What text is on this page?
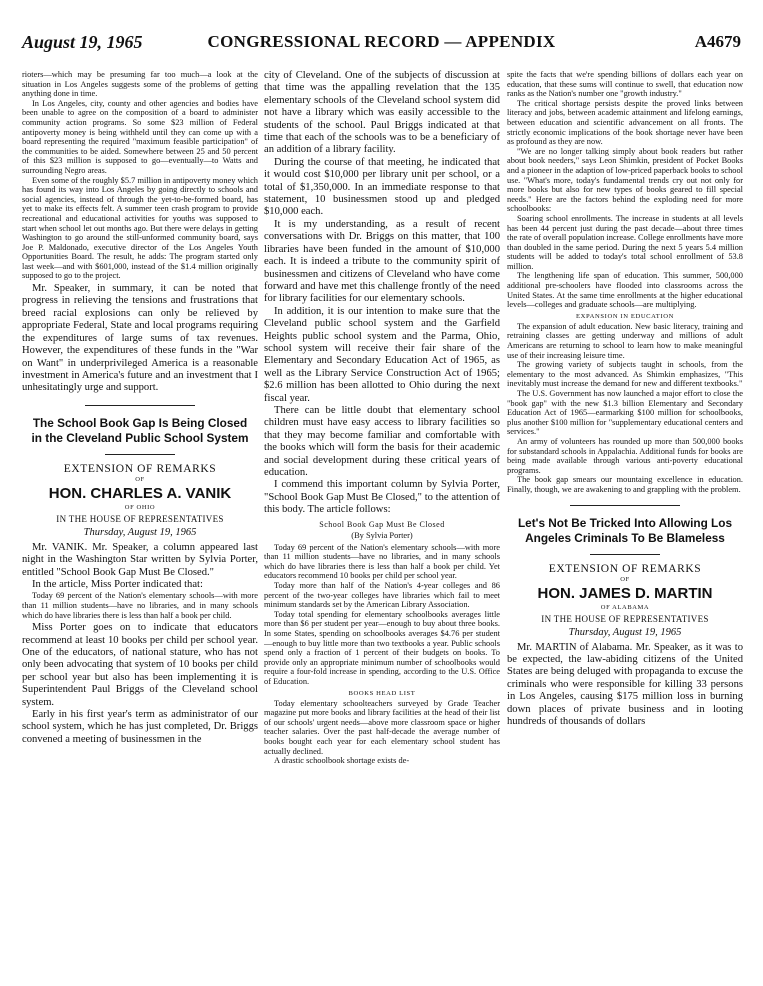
August 19, 1965	CONGRESSIONAL RECORD — APPENDIX	A4679

rioters—which may be presuming far too much—a look at the situation in Los Angeles suggests some of the problems of getting anything done in time.

In Los Angeles, city, county and other agencies and bodies have been unable to agree on the composition of a board to administer community action programs. So some $23 million of Federal antipoverty money is being withheld until they can come up with a board representing the required "maximum feasible participation" of the communities to be aided. Somewhere between 25 and 50 percent of this $23 million is supposed to go—eventually—to Watts and surrounding Negro areas.

Even some of the roughly $5.7 million in antipoverty money which has found its way into Los Angeles by going directly to schools and social agencies, instead of through the yet-to-be-formed board, has yet to make its effects felt. A summer teen crash program to provide recreational and educational activities for youths was supposed to start when school let out months ago. But there were delays in getting Washington to go around the still-unformed community board, says Joe P. Maldonado, executive director of the Los Angeles Youth Opportunities Board. The result, he adds: The program started only last week—and with $601,000, instead of the $1.4 million originally supposed to go to the project.

Mr. Speaker, in summary, it can be noted that progress in relieving the tensions and frustrations that breed racial explosions can only be relieved by appropriate Federal, State and local programs requiring the expenditures of large sums of tax revenues. However, the expenditures of these funds in the "War on Want" in underprivileged America is a reasonable investment in America's future and an investment that I unhesitatingly urge and support.

The School Book Gap Is Being Closed in the Cleveland Public School System
EXTENSION OF REMARKS
OF
HON. CHARLES A. VANIK
OF OHIO
IN THE HOUSE OF REPRESENTATIVES
Thursday, August 19, 1965

Mr. VANIK. Mr. Speaker, a column appeared last night in the Washington Star written by Sylvia Porter, entitled "School Book Gap Must Be Closed."

In the article, Miss Porter indicated that:

Today 69 percent of the Nation's elementary schools—with more than 11 million students—have no libraries, and in many schools which do have libraries there is less than half a book per child.

Miss Porter goes on to indicate that educators recommend at least 10 books per child per school year. One of the educators, of national stature, who has not only been advocating that system of 10 books per child per school year but also has been implementing it is Superintendent Paul Briggs of the Cleveland school system.

Early in his first year's term as administrator of our school system, which he has just completed, Dr. Briggs convened a meeting of businessmen in the

city of Cleveland. One of the subjects of discussion at that time was the appalling revelation that the 135 elementary schools of the Cleveland school system did not have a library which was easily accessible to the students of the school. Paul Briggs indicated at that time that each of the schools was to be a beneficiary of an addition of a library facility.

During the course of that meeting, he indicated that it would cost $10,000 per library unit per school, or a total of $1,350,000. In an immediate response to that statement, 10 businessmen stood up and pledged $10,000 each.

It is my understanding, as a result of recent conversations with Dr. Briggs on this matter, that 100 libraries have been funded in the amount of $10,000 each. It is indeed a tribute to the community spirit of businessmen and citizens of Cleveland who have come forward and have met this challenge frontly of the need for library facilities for our elementary schools.

In addition, it is our intention to make sure that the Cleveland public school system and the Garfield Heights public school system and the Parma, Ohio, school system will receive their fair share of the Elementary and Secondary Education Act of 1965, as well as the Library Service Construction Act of 1965; $2.6 million has been allotted to Ohio during the next fiscal year.

There can be little doubt that elementary school children must have easy access to library facilities so that they may become familiar and comfortable with the books which will form the basis for their academic and social development during these critical years of education.

I commend this important column by Sylvia Porter, "School Book Gap Must Be Closed," to the attention of this body. The article follows:

School Book Gap Must Be Closed
(By Sylvia Porter)

Today 69 percent of the Nation's elementary schools—with more than 11 million students—have no libraries, and in many schools which do have libraries there is less than half a book per child. Yet educators recommend 10 books per child per school year.

Today more than half of the Nation's 4-year colleges and 86 percent of the two-year colleges have libraries which fail to meet minimum standards set by the American Library Association.

Today total spending for elementary schoolbooks averages little more than $6 per student per year—enough to buy about three books. In some States, spending on schoolbooks averages $4.76 per student—enough to buy little more than two textbooks a year. Public schools spend only a fraction of 1 percent of their budgets on books. To provide only an appropriate minimum number of schoolbooks would require a four-fold increase in spending, according to the U.S. Office of Education.

BOOKS HEAD LIST

Today elementary schoolteachers surveyed by Grade Teacher magazine put more books and library facilities at the head of their list of our schools' urgent needs—above more classroom space or higher teacher salaries. Over the past half-decade the average number of books bought each year for each elementary school student has actually declined.

A drastic schoolbook shortage exists de-

spite the facts that we're spending billions of dollars each year on education, that these sums will continue to swell, that education now ranks as the Nation's number one "growth industry."

The critical shortage persists despite the proved links between literacy and jobs, between academic attainment and lifelong earnings, between education and scientific advancement on all fronts. The strictly economic implications of the book shortage never have been as profound as they are now.

"We are no longer talking simply about book readers but rather about book needers," says Leon Shimkin, president of Pocket Books and a pioneer in the adaption of low-priced paperback books to school use. "What's more, today's fundamental trends cry out not only for more books but also for new types of books geared to fill special needs." Here are the factors behind the exploding need for more schoolbooks:

Soaring school enrollments. The increase in students at all levels has been 44 percent just during the past decade—about three times the rate of overall population increase. College enrollments have more than doubled in the same period. During the next 5 years 5.4 million students will be added to today's total school enrollment of 53.8 million.

The lengthening life span of education. This summer, 500,000 additional pre-schoolers have flooded into classrooms across the United States. At the same time enrollments at the higher educational levels—colleges and graduate schools—are multiplying.

EXPANSION IN EDUCATION

The expansion of adult education. New basic literacy, training and retraining classes are getting underway and millions of adult Americans are returning to school to learn how to make meaningful use of their increasing leisure time.

The growing variety of subjects taught in schools, from the elementary to the most advanced. As Shimkin emphasizes, "This inevitably must increase the demand for new and different textbooks."

The U.S. Government has now launched a major effort to close the "book gap" with the new $1.3 billion Elementary and Secondary Education Act of 1965—earmarking $100 million for schoolbooks, plus another $100 million for "supplementary educational centers and services."

An army of volunteers has rounded up more than 500,000 books for substandard schools in Appalachia. Additional funds for books are being made available through various anti-poverty educational programs.

The book gap smears our mountaing excellence in education. Finally, though, we are awakening to and grappling with the problem.

Let's Not Be Tricked Into Allowing Los Angeles Criminals To Be Blameless
EXTENSION OF REMARKS
OF
HON. JAMES D. MARTIN
OF ALABAMA
IN THE HOUSE OF REPRESENTATIVES
Thursday, August 19, 1965

Mr. MARTIN of Alabama. Mr. Speaker, as it was to be expected, the law-abiding citizens of the United States are being deluged with propaganda to excuse the criminals who were responsible for killing 33 persons in Los Angeles, causing $175 million loss in burning down places of private business and in looting hundreds of thousands of dollars
